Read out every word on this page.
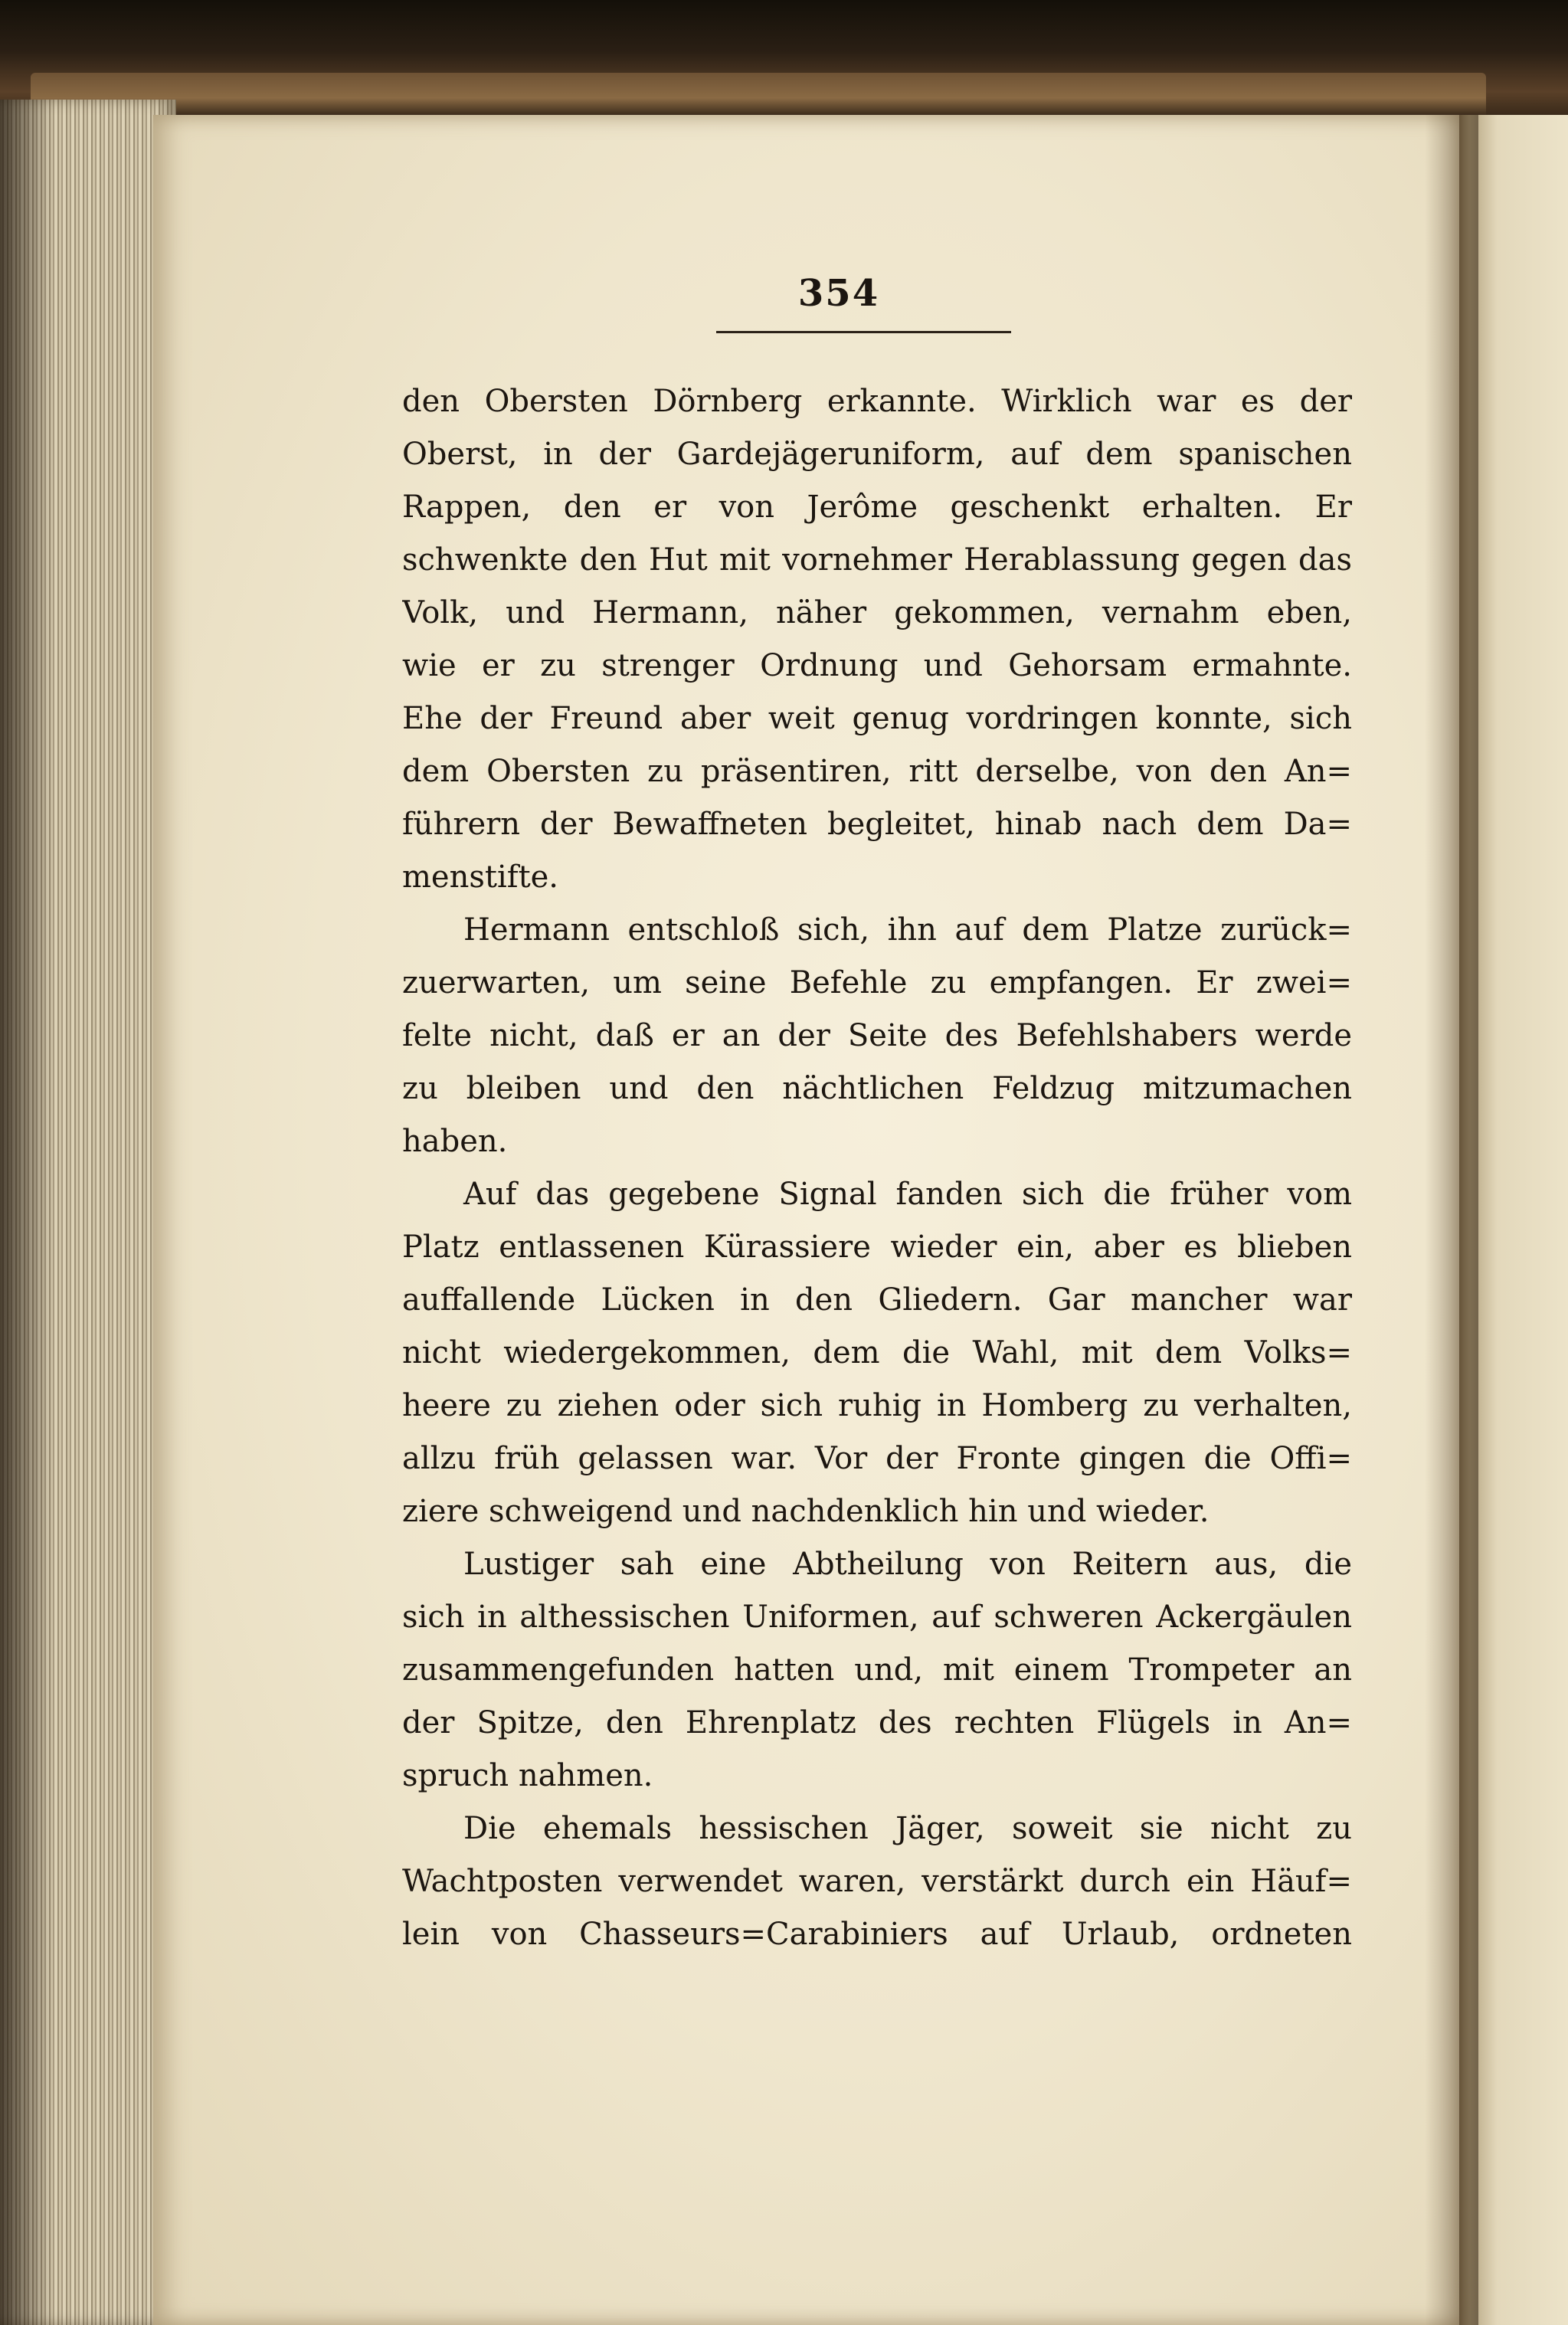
354
den Obersten Dörnberg erkannte. Wirklich war es der
Oberst, in der Gardejägeruniform, auf dem spanischen
Rappen, den er von Jerôme geschenkt erhalten. Er
schwenkte den Hut mit vornehmer Herablassung gegen das
Volk, und Hermann, näher gekommen, vernahm eben,
wie er zu strenger Ordnung und Gehorsam ermahnte.
Ehe der Freund aber weit genug vordringen konnte, sich
dem Obersten zu präsentiren, ritt derselbe, von den An=
führern der Bewaffneten begleitet, hinab nach dem Da=
menstifte.
Hermann entschloß sich, ihn auf dem Platze zurück=
zuerwarten, um seine Befehle zu empfangen. Er zwei=
felte nicht, daß er an der Seite des Befehlshabers werde
zu bleiben und den nächtlichen Feldzug mitzumachen
haben.
Auf das gegebene Signal fanden sich die früher vom
Platz entlassenen Kürassiere wieder ein, aber es blieben
auffallende Lücken in den Gliedern. Gar mancher war
nicht wiedergekommen, dem die Wahl, mit dem Volks=
heere zu ziehen oder sich ruhig in Homberg zu verhalten,
allzu früh gelassen war. Vor der Fronte gingen die Offi=
ziere schweigend und nachdenklich hin und wieder.
Lustiger sah eine Abtheilung von Reitern aus, die
sich in althessischen Uniformen, auf schweren Ackergäulen
zusammengefunden hatten und, mit einem Trompeter an
der Spitze, den Ehrenplatz des rechten Flügels in An=
spruch nahmen.
Die ehemals hessischen Jäger, soweit sie nicht zu
Wachtposten verwendet waren, verstärkt durch ein Häuf=
lein von Chasseurs=Carabiniers auf Urlaub, ordneten
